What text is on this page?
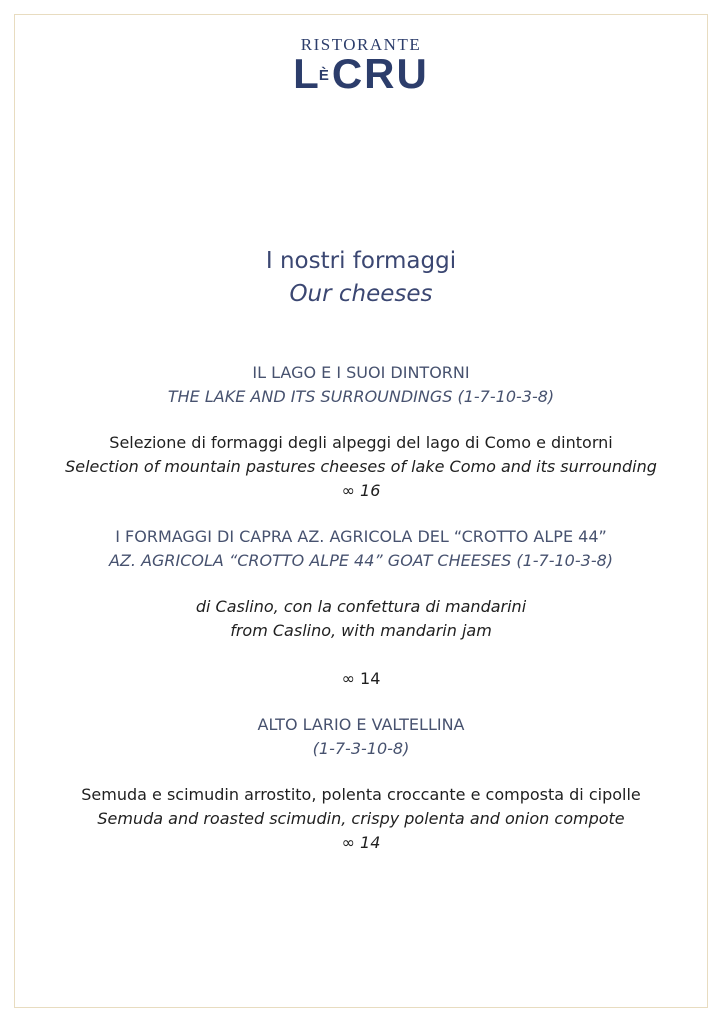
RISTORANTE
$L^ÈCRU$
I nostri formaggi
Our cheeses
IL LAGO E I SUOI DINTORNI
THE LAKE AND ITS SURROUNDINGS (1-7-10-3-8)
Selezione di formaggi degli alpeggi del lago di Como e dintorni
Selection of mountain pastures cheeses of lake Como and its surrounding
∞ 16
I FORMAGGI DI CAPRA AZ. AGRICOLA DEL “CROTTO ALPE 44”
AZ. AGRICOLA “CROTTO ALPE 44” GOAT CHEESES (1-7-10-3-8)
di Caslino, con la confettura di mandarini
from Caslino, with mandarin jam
∞ 14
ALTO LARIO E VALTELLINA
(1-7-3-10-8)
Semuda e scimudin arrostito, polenta croccante e composta di cipolle
Semuda and roasted scimudin, crispy polenta and onion compote
∞ 14
